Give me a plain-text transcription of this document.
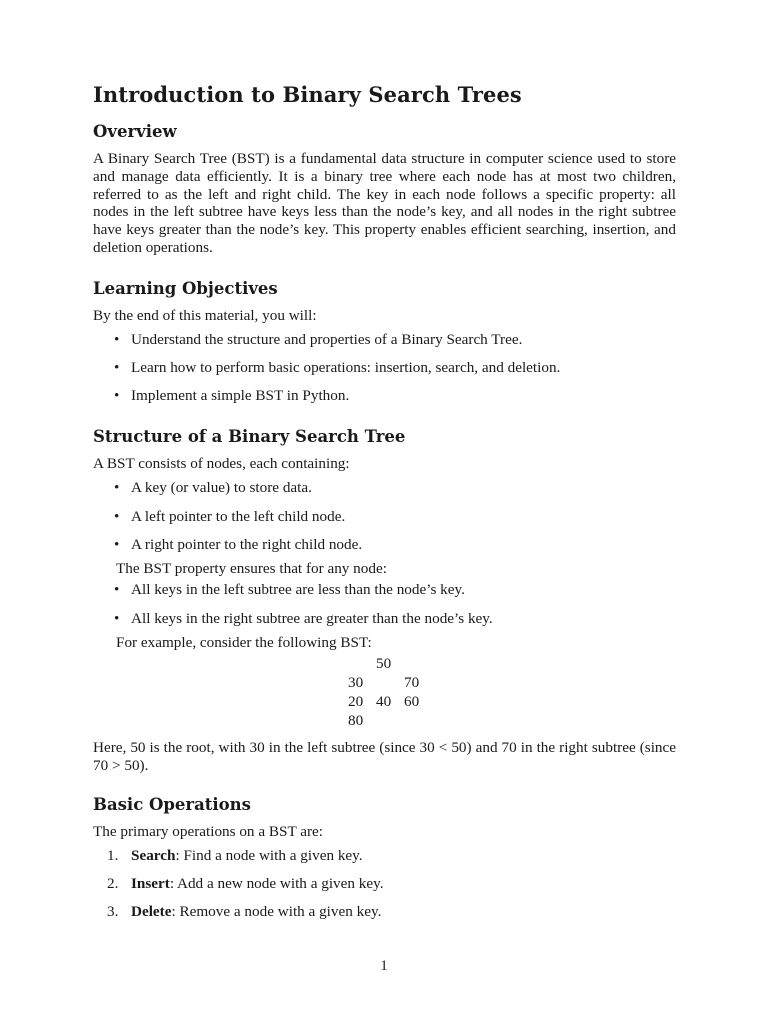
Introduction to Binary Search Trees
Overview

A Binary Search Tree (BST) is a fundamental data structure in computer science used to store and manage data efficiently. It is a binary tree where each node has at most two children, referred to as the left and right child. The key in each node follows a specific property: all nodes in the left subtree have keys less than the node’s key, and all nodes in the right subtree have keys greater than the node’s key. This property enables efficient searching, insertion, and deletion operations.

Learning Objectives

By the end of this material, you will:

• Understand the structure and properties of a Binary Search Tree.
• Learn how to perform basic operations: insertion, search, and deletion.
• Implement a simple BST in Python.
Structure of a Binary Search Tree

A BST consists of nodes, each containing:

• A key (or value) to store data.
• A left pointer to the left child node.
• A right pointer to the right child node.
The BST property ensures that for any node:
• All keys in the left subtree are less than the node’s key.
• All keys in the right subtree are greater than the node’s key.
For example, consider the following BST:
50
30	70
20 40 60
80

Here, 50 is the root, with 30 in the left subtree (since 30 < 50) and 70 in the right subtree (since 70 > 50).

Basic Operations

The primary operations on a BST are:

1. Search: Find a node with a given key.
2. Insert: Add a new node with a given key.
3. Delete: Remove a node with a given key.
1
